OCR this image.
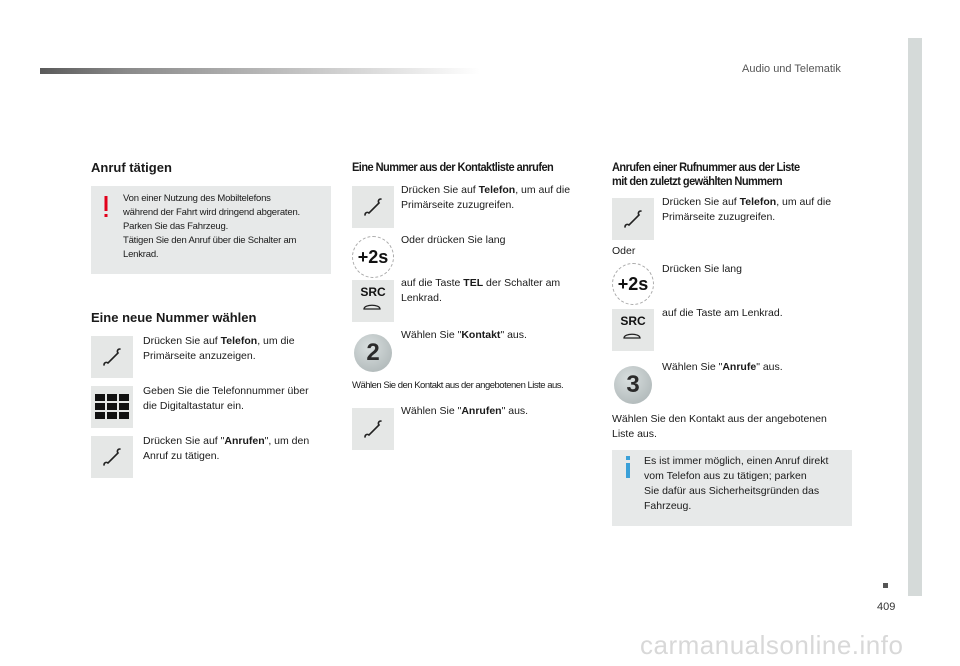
Audio und Telematik
409
carmanualsonline.info
Anruf tätigen
Von einer Nutzung des Mobiltelefons
während der Fahrt wird dringend abgeraten.
Parken Sie das Fahrzeug.
Tätigen Sie den Anruf über die Schalter am
Lenkrad.
Eine neue Nummer wählen
Drücken Sie auf Telefon, um die
Primärseite anzuzeigen.
Geben Sie die Telefonnummer über
die Digitaltastatur ein.
Drücken Sie auf "Anrufen", um den
Anruf zu tätigen.
Eine Nummer aus der Kontaktliste anrufen
Drücken Sie auf Telefon, um auf die
Primärseite zuzugreifen.
+2s
Oder drücken Sie lang
SRC
auf die Taste TEL der Schalter am
Lenkrad.
2
Wählen Sie "Kontakt" aus.
Wählen Sie den Kontakt aus der angebotenen Liste aus.
Wählen Sie "Anrufen" aus.
Anrufen einer Rufnummer aus der Liste
mit den zuletzt gewählten Nummern
Drücken Sie auf Telefon, um auf die
Primärseite zuzugreifen.
Oder
+2s
Drücken Sie lang
SRC
auf die Taste am Lenkrad.
3
Wählen Sie "Anrufe" aus.
Wählen Sie den Kontakt aus der angebotenen
Liste aus.
Es ist immer möglich, einen Anruf direkt
vom Telefon aus zu tätigen; parken
Sie dafür aus Sicherheitsgründen das
Fahrzeug.
